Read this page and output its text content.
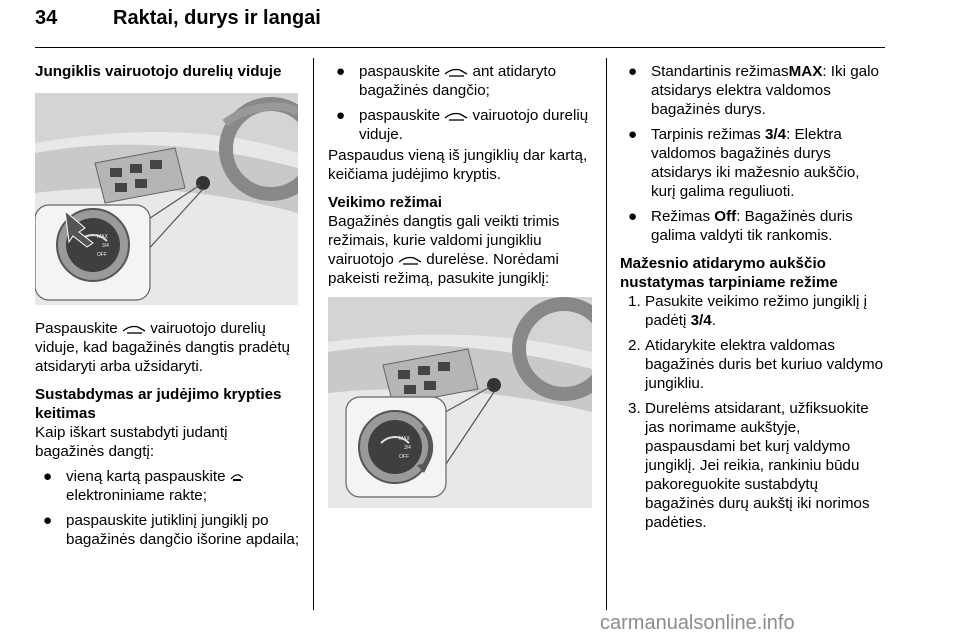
34	Raktai, durys ir langai

Jungiklis vairuotojo durelių viduje

MAX
3/4
OFF

Paspauskite  vairuotojo durelių viduje, kad bagažinės dangtis pradėtų atsidaryti arba užsidaryti.

Sustabdymas ar judėjimo krypties keitimas

Kaip iškart sustabdyti judantį bagažinės dangtį:

● vieną kartą paspauskite  elektroniniame rakte;

● paspauskite jutiklinį jungiklį po bagažinės dangčio išorine apdaila;

● paspauskite  ant atidaryto bagažinės dangčio;

● paspauskite  vairuotojo durelių viduje.

Paspaudus vieną iš jungiklių dar kartą, keičiama judėjimo kryptis.

Veikimo režimai

Bagažinės dangtis gali veikti trimis režimais, kurie valdomi jungikliu vairuotojo  durelėse. Norėdami pakeisti režimą, pasukite jungiklį:

MAX
3/4
OFF

● Standartinis režimasMAX: Iki galo atsidarys elektra valdomos bagažinės durys.

● Tarpinis režimas 3/4: Elektra valdomos bagažinės durys atsidarys iki mažesnio aukščio, kurį galima reguliuoti.

● Režimas Off: Bagažinės duris galima valdyti tik rankomis.

Mažesnio atidarymo aukščio nustatymas tarpiniame režime

1. Pasukite veikimo režimo jungiklį į padėtį 3/4.

2. Atidarykite elektra valdomas bagažinės duris bet kuriuo valdymo jungikliu.

3. Durelėms atsidarant, užfiksuokite jas norimame aukštyje, paspausdami bet kurį valdymo jungiklį. Jei reikia, rankiniu būdu pakoreguokite sustabdytų bagažinės durų aukštį iki norimos padėties.

carmanualsonline.info
